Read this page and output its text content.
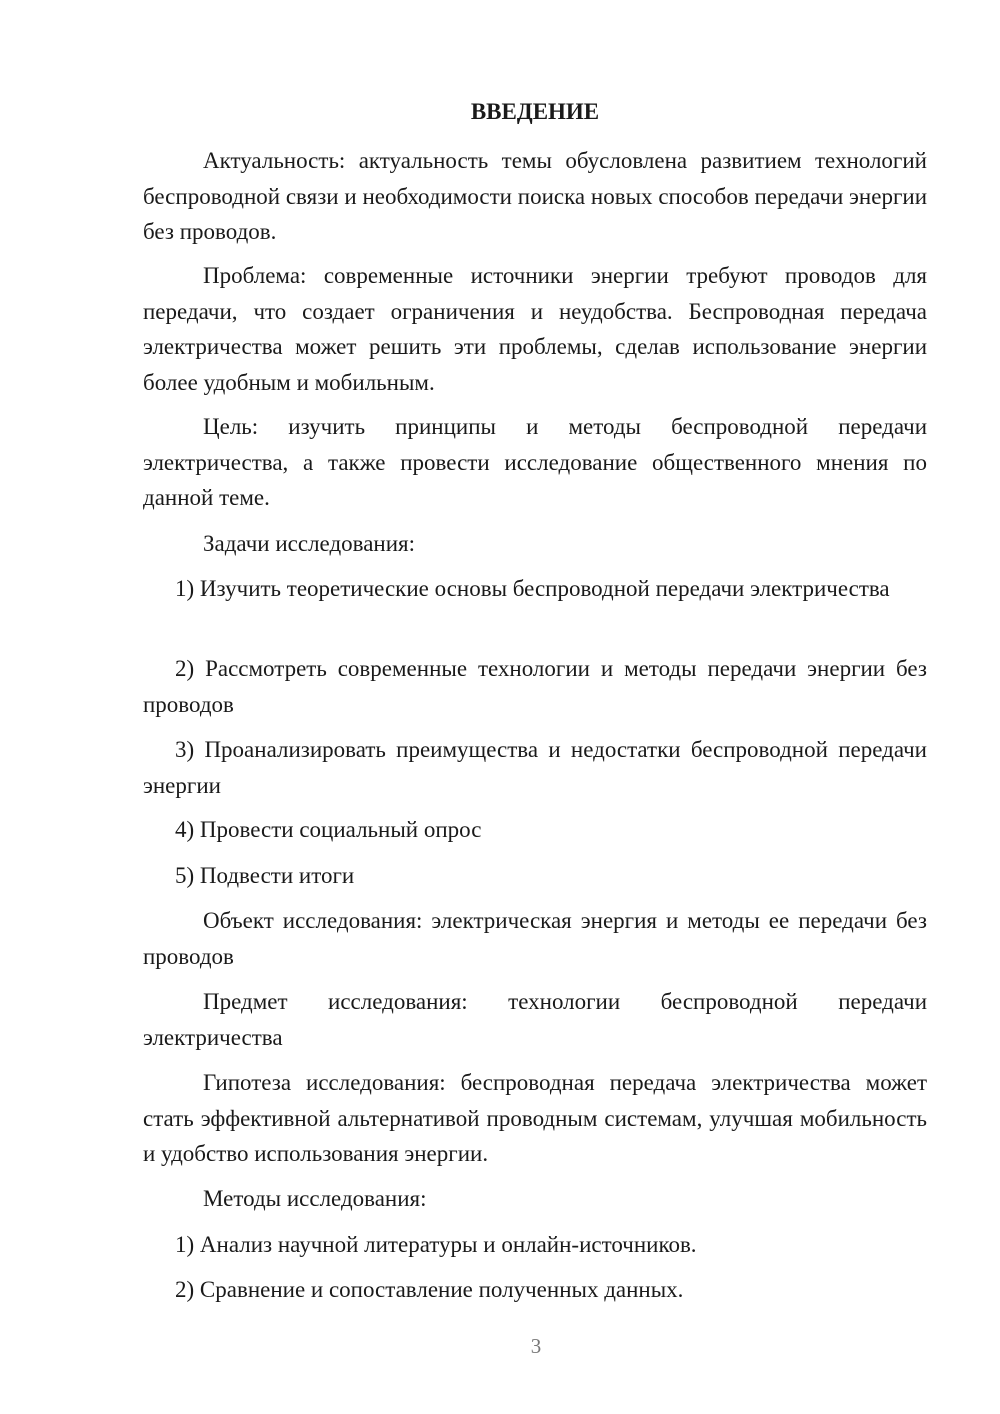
ВВЕДЕНИЕ
Актуальность: актуальность темы обусловлена развитием технологий беспроводной связи и необходимости поиска новых способов передачи энергии без проводов.
Проблема: современные источники энергии требуют проводов для передачи, что создает ограничения и неудобства. Беспроводная передача электричества может решить эти проблемы, сделав использование энергии более удобным и мобильным.
Цель: изучить принципы и методы беспроводной передачи электричества, а также провести исследование общественного мнения по данной теме.
Задачи исследования:
1) Изучить теоретические основы беспроводной передачи электричества
2) Рассмотреть современные технологии и методы передачи энергии без проводов
3) Проанализировать преимущества и недостатки беспроводной передачи энергии
4) Провести социальный опрос
5) Подвести итоги
Объект исследования: электрическая энергия и методы ее передачи без проводов
Предмет исследования: технологии беспроводной передачи электричества
Гипотеза исследования: беспроводная передача электричества может стать эффективной альтернативой проводным системам, улучшая мобильность и удобство использования энергии.
Методы исследования:
1) Анализ научной литературы и онлайн-источников.
2) Сравнение и сопоставление полученных данных.
3
